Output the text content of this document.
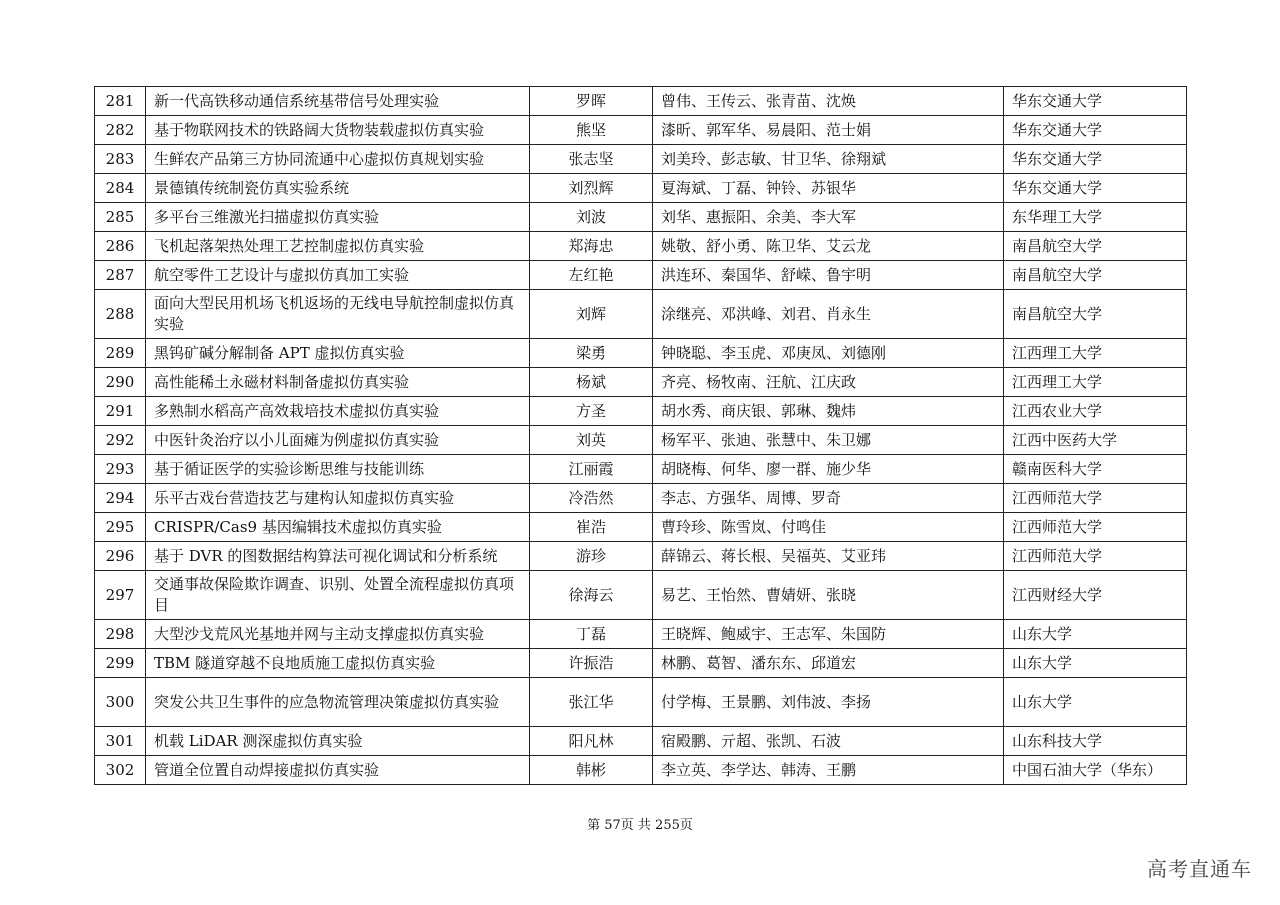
281	新一代高铁移动通信系统基带信号处理实验	罗晖	曾伟、王传云、张青苗、沈焕	华东交通大学
282	基于物联网技术的铁路阔大货物装载虚拟仿真实验	熊坚	漆昕、郭军华、易晨阳、范士娟	华东交通大学
283	生鲜农产品第三方协同流通中心虚拟仿真规划实验	张志坚	刘美玲、彭志敏、甘卫华、徐翔斌	华东交通大学
284	景德镇传统制瓷仿真实验系统	刘烈辉	夏海斌、丁磊、钟铃、苏银华	华东交通大学
285	多平台三维激光扫描虚拟仿真实验	刘波	刘华、惠振阳、余美、李大军	东华理工大学
286	飞机起落架热处理工艺控制虚拟仿真实验	郑海忠	姚敬、舒小勇、陈卫华、艾云龙	南昌航空大学
287	航空零件工艺设计与虚拟仿真加工实验	左红艳	洪连环、秦国华、舒嵘、鲁宇明	南昌航空大学
288	面向大型民用机场飞机返场的无线电导航控制虚拟仿真实验	刘辉	涂继亮、邓洪峰、刘君、肖永生	南昌航空大学
289	黑钨矿碱分解制备 APT 虚拟仿真实验	梁勇	钟晓聪、李玉虎、邓庚凤、刘德刚	江西理工大学
290	高性能稀土永磁材料制备虚拟仿真实验	杨斌	齐亮、杨牧南、汪航、江庆政	江西理工大学
291	多熟制水稻高产高效栽培技术虚拟仿真实验	方圣	胡水秀、商庆银、郭琳、魏炜	江西农业大学
292	中医针灸治疗以小儿面瘫为例虚拟仿真实验	刘英	杨军平、张迪、张慧中、朱卫娜	江西中医药大学
293	基于循证医学的实验诊断思维与技能训练	江丽霞	胡晓梅、何华、廖一群、施少华	赣南医科大学
294	乐平古戏台营造技艺与建构认知虚拟仿真实验	冷浩然	李志、方强华、周博、罗奇	江西师范大学
295	CRISPR/Cas9 基因编辑技术虚拟仿真实验	崔浩	曹玲珍、陈雪岚、付鸣佳	江西师范大学
296	基于 DVR 的图数据结构算法可视化调试和分析系统	游珍	薛锦云、蒋长根、吴福英、艾亚玮	江西师范大学
297	交通事故保险欺诈调查、识别、处置全流程虚拟仿真项目	徐海云	易艺、王怡然、曹婧妍、张晓	江西财经大学
298	大型沙戈荒风光基地并网与主动支撑虚拟仿真实验	丁磊	王晓辉、鲍威宇、王志军、朱国防	山东大学
299	TBM 隧道穿越不良地质施工虚拟仿真实验	许振浩	林鹏、葛智、潘东东、邱道宏	山东大学
300	突发公共卫生事件的应急物流管理决策虚拟仿真实验	张江华	付学梅、王景鹏、刘伟波、李扬	山东大学
301	机载 LiDAR 测深虚拟仿真实验	阳凡林	宿殿鹏、亓超、张凯、石波	山东科技大学
302	管道全位置自动焊接虚拟仿真实验	韩彬	李立英、李学达、韩涛、王鹏	中国石油大学（华东）
第 57页 共 255页
高考直通车
